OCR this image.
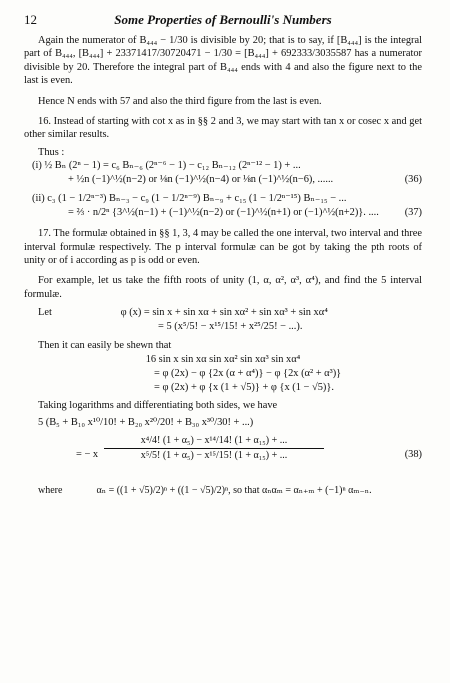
12	Some Properties of Bernoulli's Numbers

Again the numerator of B₄₄₄ − 1/30 is divisible by 20; that is to say, if [B₄₄₄] is the integral part of B₄₄₄, [B₄₄₄] + 23371417/30720471 − 1/30 = [B₄₄₄] + 692333/3035587 has a numerator divisible by 20. Therefore the integral part of B₄₄₄ ends with 4 and also the figure next to the last is even.

Hence N ends with 57 and also the third figure from the last is even.

16. Instead of starting with cot x as in §§ 2 and 3, we may start with tan x or cosec x and get other similar results.

Thus :

(i) ½ Bₙ (2ⁿ − 1) = c₆ Bₙ₋₆ (2ⁿ⁻⁶ − 1) − c₁₂ Bₙ₋₁₂ (2ⁿ⁻¹² − 1) + ...
+ ½n (−1)^½(n−2) or ⅛n (−1)^½(n−4) or ⅛n (−1)^½(n−6), ......	(36)
(ii) c₃ (1 − 1/2ⁿ⁻³) Bₙ₋₃ − c₉ (1 − 1/2ⁿ⁻⁹) Bₙ₋₉ + c₁₅ (1 − 1/2ⁿ⁻¹⁵) Bₙ₋₁₅ − ...
= ⅔ · n/2ⁿ {3^½(n−1) + (−1)^½(n−2) or (−1)^½(n+1) or (−1)^½(n+2)}. .... (37)

17. The formulæ obtained in §§ 1, 3, 4 may be called the one interval, two interval and three interval formulæ respectively. The p interval formulæ can be got by taking the pth roots of unity or of i according as p is odd or even.

For example, let us take the fifth roots of unity (1, α, α², α³, α⁴), and find the 5 interval formulæ.

Let	φ (x) = sin x + sin xα + sin xα² + sin xα³ + sin xα⁴
= 5 (x⁵/5! − x¹⁵/15! + x²⁵/25! − ...).

Then it can easily be shewn that

16 sin x sin xα sin xα² sin xα³ sin xα⁴
= φ (2x) − φ {2x (α + α⁴)} − φ {2x (α² + α³)}
= φ (2x) + φ {x (1 + √5)} + φ {x (1 − √5)}.

Taking logarithms and differentiating both sides, we have

5 (B₅ + B₁₀ x¹⁰/10! + B₂₀ x²⁰/20! + B₃₀ x³⁰/30! + ...)
= − x $\frac{\text{x⁴/4! (1 + α₅) − x¹⁴/14! (1 + α₁₅) + ...}}{\text{x⁵/5! (1 + α₅) − x¹⁵/15! (1 + α₁₅) + ...}}$	(38)
where	αₙ = ((1 + √5)/2)ⁿ + ((1 − √5)/2)ⁿ, so that αₙαₘ = αₙ₊ₘ + (−1)ⁿ αₘ₋ₙ.
